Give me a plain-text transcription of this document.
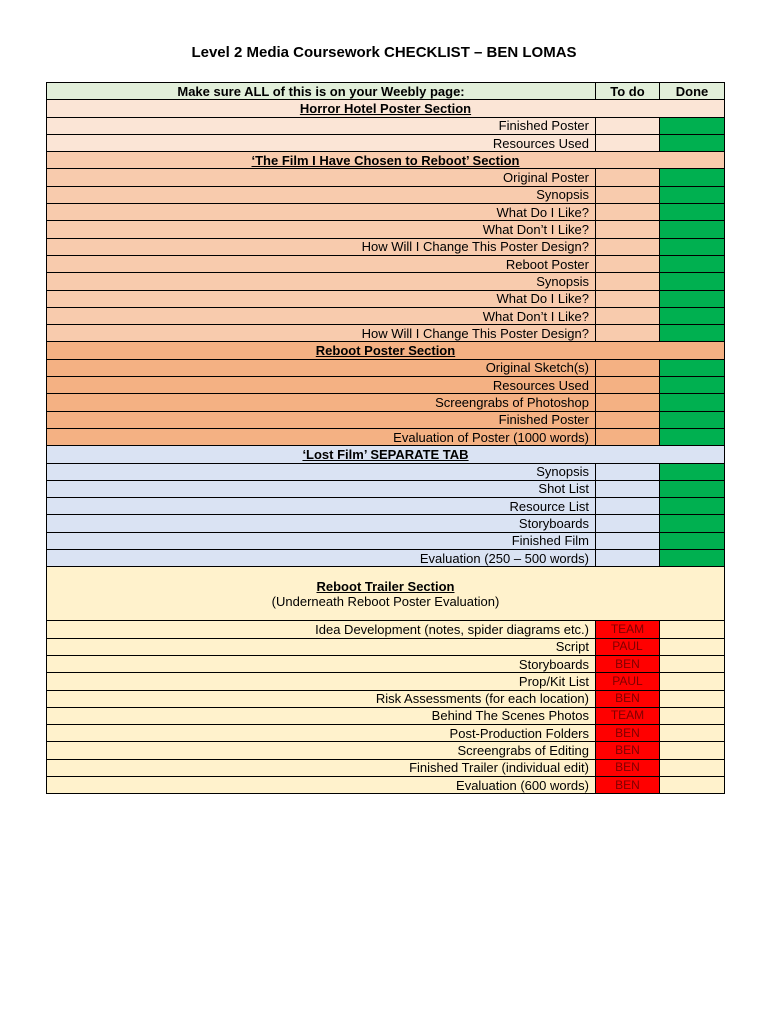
Level 2 Media Coursework CHECKLIST – BEN LOMAS
Make sure ALL of this is on your Weebly page:	To do	Done
Horror Hotel Poster Section		
Finished Poster		
Resources Used		
‘The Film I Have Chosen to Reboot’ Section		
Original Poster		
Synopsis		
What Do I Like?		
What Don’t I Like?		
How Will I Change This Poster Design?		
Reboot Poster		
Synopsis		
What Do I Like?		
What Don’t I Like?		
How Will I Change This Poster Design?		
Reboot Poster Section		
Original Sketch(s)		
Resources Used		
Screengrabs of Photoshop		
Finished Poster		
Evaluation of Poster (1000 words)		
‘Lost Film’ SEPARATE TAB		
Synopsis		
Shot List		
Resource List		
Storyboards		
Finished Film		
Evaluation (250 – 500 words)		

Reboot Trailer Section
(Underneath Reboot Poster Evaluation)		

Idea Development (notes, spider diagrams etc.)	TEAM	
Script	PAUL	
Storyboards	BEN	
Prop/Kit List	PAUL	
Risk Assessments (for each location)	BEN	
Behind The Scenes Photos	TEAM	
Post-Production Folders	BEN	
Screengrabs of Editing	BEN	
Finished Trailer (individual edit)	BEN	
Evaluation (600 words)	BEN	
